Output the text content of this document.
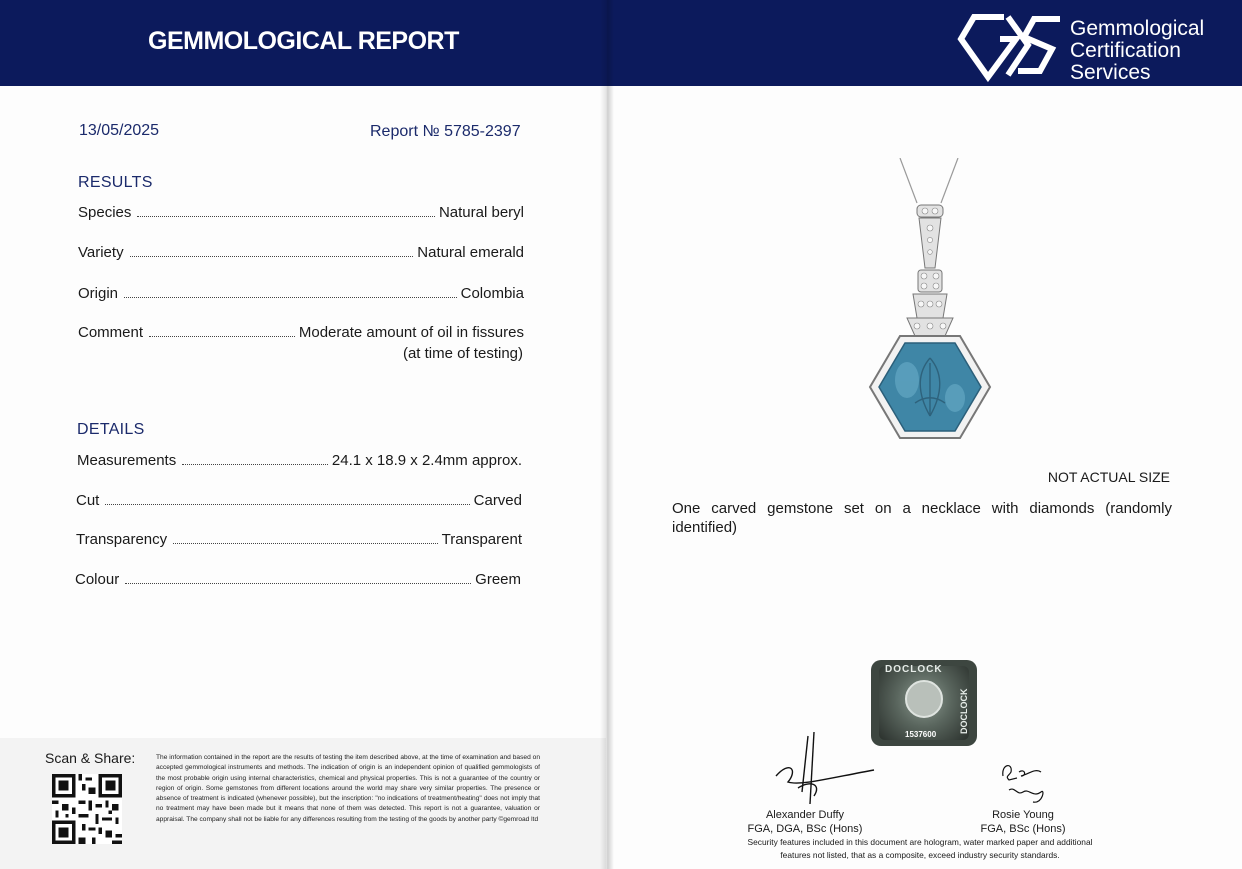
GEMMOLOGICAL REPORT
13/05/2025	Report № 5785-2397
RESULTS
Species	Natural beryl
Variety	Natural emerald
Origin	Colombia
Comment	Moderate amount of oil in fissures
(at time of testing)
DETAILS
Measurements	24.1 x 18.9 x 2.4mm approx.
Cut	Carved
Transparency	Transparent
Colour	Greem
Scan & Share:	The information contained in the report are the results of testing the item described above, at the time of examination and based on accepted gemmological instruments and methods. The indication of origin is an independent opinion of qualified gemmologists of the most probable origin using internal characteristics, chemical and physical properties. This is not a guarantee of the country or region of origin. Some gemstones from different locations around the world may share very similar properties. The presence or absence of treatment is indicated (whenever possible), but the inscription: "no indications of treatment/heating" does not imply that no treatment may have been made but it means that none of them was detected. This report is not a guarantee, valuation or appraisal. The company shall not be liable for any differences resulting from the testing of the goods by another party ©gemroad ltd
Gemmological
Certification
Services
NOT ACTUAL SIZE
One carved gemstone set on a necklace with diamonds (randomly identified)
DOCLOCK
DOCLOCK
1537600
Alexander Duffy
FGA, DGA, BSc (Hons)
Rosie Young
FGA, BSc (Hons)
Security features included in this document are hologram, water marked paper and additional
features not listed, that as a composite, exceed industry security standards.
